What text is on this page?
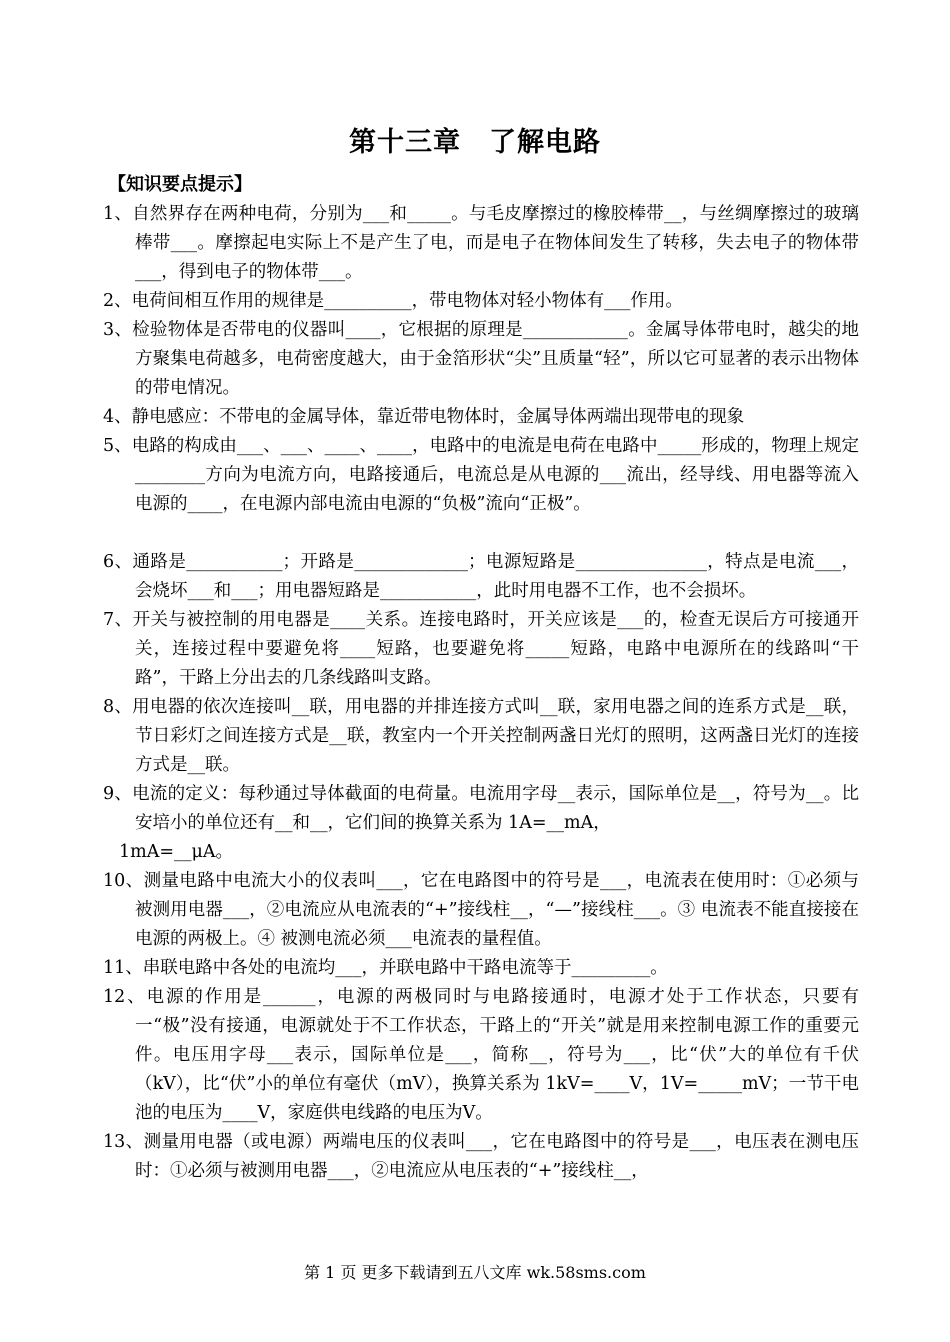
第十三章　了解电路
【知识要点提示】
1、自然界存在两种电荷，分别为___和_____。与毛皮摩擦过的橡胶棒带__，与丝绸摩擦过的玻璃棒带___。摩擦起电实际上不是产生了电，而是电子在物体间发生了转移，失去电子的物体带___，得到电子的物体带___。
2、电荷间相互作用的规律是__________，带电物体对轻小物体有___作用。
3、检验物体是否带电的仪器叫____，它根据的原理是____________。金属导体带电时，越尖的地方聚集电荷越多，电荷密度越大，由于金箔形状“尖”且质量“轻”，所以它可显著的表示出物体的带电情况。
4、静电感应：不带电的金属导体，靠近带电物体时，金属导体两端出现带电的现象
5、电路的构成由___、___、____、____，电路中的电流是电荷在电路中_____形成的，物理上规定________方向为电流方向，电路接通后，电流总是从电源的___流出，经导线、用电器等流入电源的____，在电源内部电流由电源的“负极”流向“正极”。
6、通路是___________；开路是_____________；电源短路是_______________，特点是电流___，会烧坏___和___；用电器短路是___________，此时用电器不工作，也不会损坏。
7、开关与被控制的用电器是____关系。连接电路时，开关应该是___的，检查无误后方可接通开关，连接过程中要避免将____短路，也要避免将_____短路，电路中电源所在的线路叫“干路”，干路上分出去的几条线路叫支路。
8、用电器的依次连接叫__联，用电器的并排连接方式叫__联，家用电器之间的连系方式是__联，节日彩灯之间连接方式是__联，教室内一个开关控制两盏日光灯的照明，这两盏日光灯的连接方式是__联。
9、电流的定义：每秒通过导体截面的电荷量。电流用字母__表示，国际单位是__，符号为__。比安培小的单位还有__和__，它们间的换算关系为 1A=__mA，
1mA=__μA。
10、测量电路中电流大小的仪表叫___，它在电路图中的符号是___，电流表在使用时：①必须与被测用电器___，②电流应从电流表的“+”接线柱__，“—”接线柱___。③ 电流表不能直接接在电源的两极上。④ 被测电流必须___电流表的量程值。
11、串联电路中各处的电流均___，并联电路中干路电流等于_________。
12、电源的作用是______，电源的两极同时与电路接通时，电源才处于工作状态，只要有一“极”没有接通，电源就处于不工作状态，干路上的“开关”就是用来控制电源工作的重要元件。电压用字母___表示，国际单位是___，简称__，符号为___，比“伏”大的单位有千伏（kV），比“伏”小的单位有毫伏（mV），换算关系为 1kV=____V，1V=_____mV；一节干电池的电压为____V，家庭供电线路的电压为V。
13、测量用电器（或电源）两端电压的仪表叫___，它在电路图中的符号是___，电压表在测电压时：①必须与被测用电器___，②电流应从电压表的“+”接线柱__，
第 1 页 更多下载请到五八文库 wk.58sms.com
